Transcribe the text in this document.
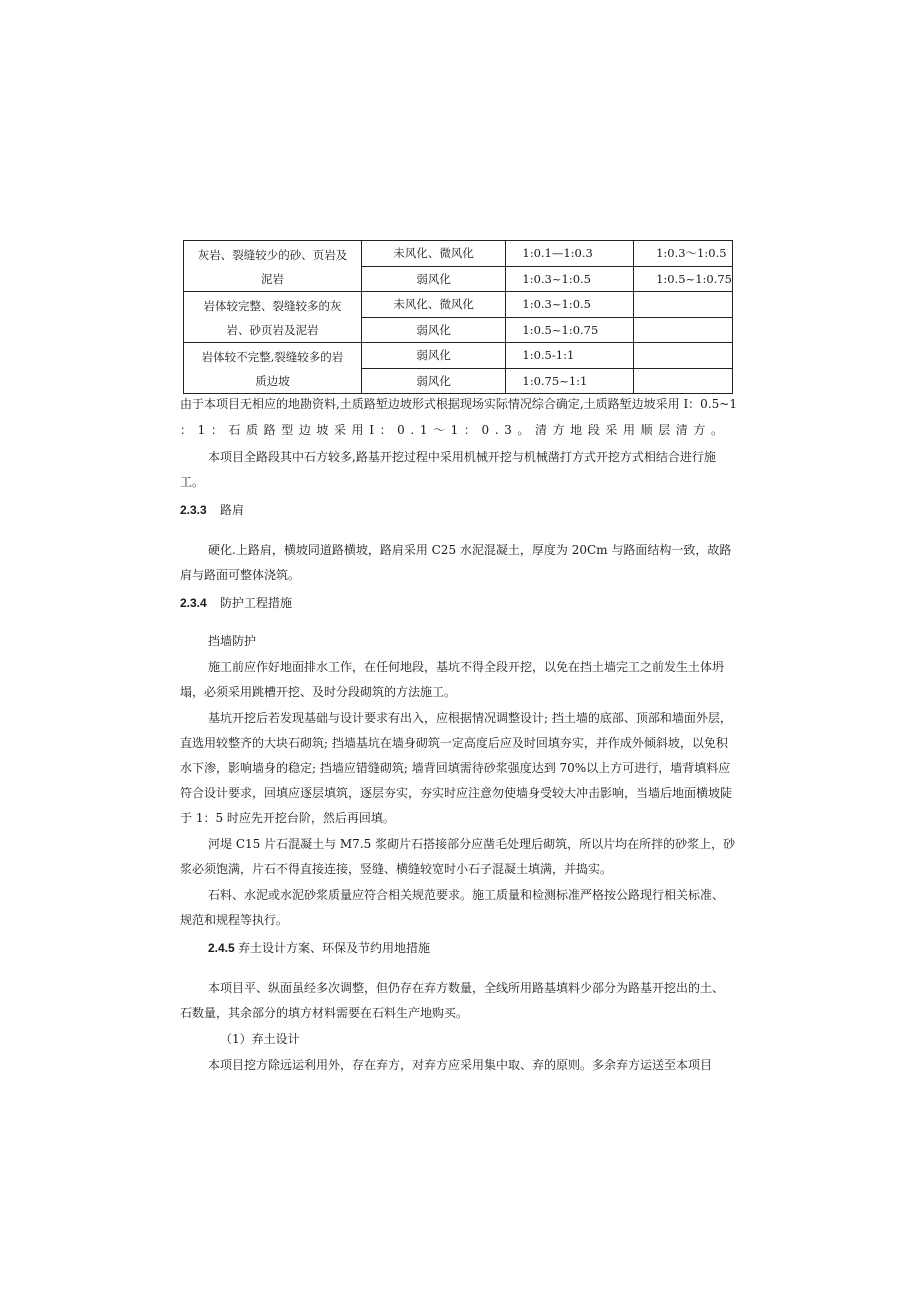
灰岩、裂缝较少的砂、页岩及泥岩	未风化、微风化	1:0.1—1:0.3	1:0.3～1:0.5
	弱风化	1:0.3~1:0.5	1:0.5~1:0.75
岩体较完整、裂缝较多的灰岩、砂页岩及泥岩	未风化、微风化	1:0.3~1:0.5	
	弱风化	1:0.5~1:0.75	
岩体较不完整,裂缝较多的岩质边坡	弱风化	1:0.5-1:1	
	弱风化	1:0.75~1:1	
由于本项目无相应的地勘资料,土质路堑边坡形式根据现场实际情况综合确定,土质路堑边坡采用 I：0.5~1
：1：石质路型边坡采用I：0.1～1：0.3。清方地段采用顺层清方。
本项目全路段其中石方较多,路基开挖过程中采用机械开挖与机械凿打方式开挖方式相结合进行施
工。
2.3.3 路肩
硬化.上路肩，横坡同道路横坡，路肩采用 C25 水泥混凝土，厚度为 20Cm 与路面结构一致，故路
肩与路面可整体浇筑。
2.3.4 防护工程措施
挡墙防护
施工前应作好地面排水工作，在任何地段，基坑不得全段开挖，以免在挡土墙完工之前发生土体坍
塌，必须采用跳槽开挖、及时分段砌筑的方法施工。
基坑开挖后若发现基础与设计要求有出入，应根据情况调整设计; 挡土墙的底部、顶部和墙面外层，
直选用较整齐的大块石砌筑; 挡墙基坑在墙身砌筑一定高度后应及时回填夯实，并作成外倾斜坡，以免积
水下渗，影响墙身的稳定; 挡墙应错缝砌筑; 墙背回填需待砂浆强度达到 70%以上方可进行，墙背填料应
符合设计要求，回填应逐层填筑，逐层夯实，夯实时应注意勿使墙身受较大冲击影响，当墙后地面横坡陡
于 1：5 时应先开挖台阶，然后再回填。
河堤 C15 片石混凝土与 M7.5 浆砌片石搭接部分应凿毛处理后砌筑，所以片均在所拌的砂浆上，砂
浆必须饱满，片石不得直接连接，竖缝、横缝较宽时小石子混凝土填满，并捣实。
石料、水泥或水泥砂浆质量应符合相关规范要求。施工质量和检测标准严格按公路现行相关标准、
规范和规程等执行。
2.4.5 弃土设计方案、环保及节约用地措施
本项目平、纵面虽经多次调整，但仍存在弃方数量，全线所用路基填料少部分为路基开挖出的土、
石数量，其余部分的填方材料需要在石料生产地购买。
（1）弃土设计
本项目挖方除远运利用外，存在弃方，对弃方应采用集中取、弃的原则。多余弃方运送至本项目
